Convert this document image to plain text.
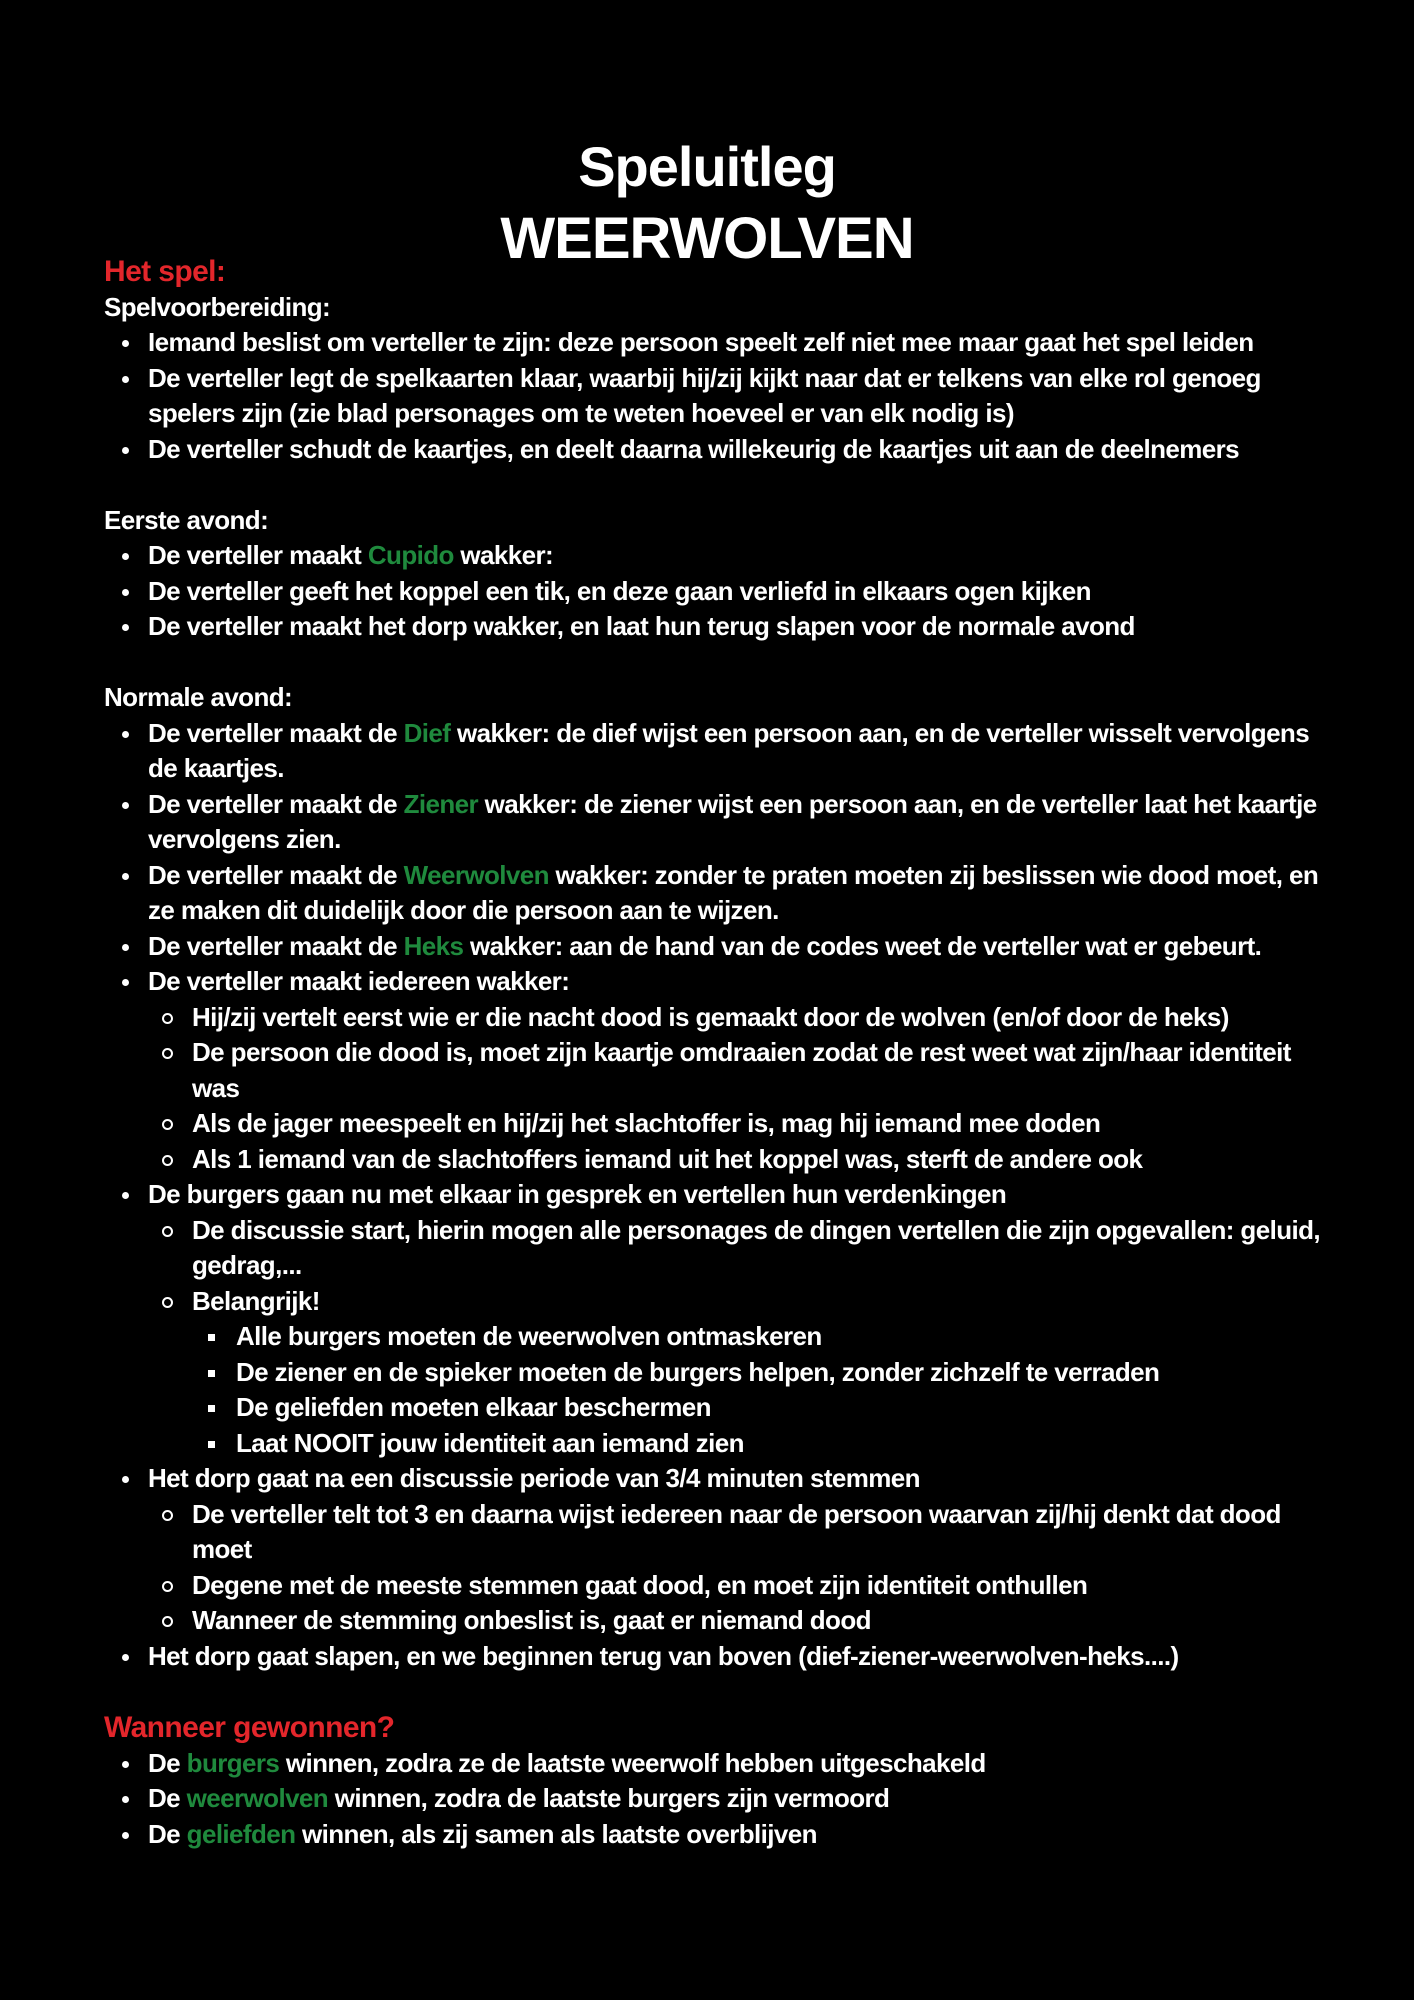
Speluitleg
WEERWOLVEN

Het spel:

Spelvoorbereiding:

Iemand beslist om verteller te zijn: deze persoon speelt zelf niet mee maar gaat het spel leiden
De verteller legt de spelkaarten klaar, waarbij hij/zij kijkt naar dat er telkens van elke rol genoeg spelers zijn (zie blad personages om te weten hoeveel er van elk nodig is)
De verteller schudt de kaartjes, en deelt daarna willekeurig de kaartjes uit aan de deelnemers

Eerste avond:

De verteller maakt Cupido wakker:
De verteller geeft het koppel een tik, en deze gaan verliefd in elkaars ogen kijken
De verteller maakt het dorp wakker, en laat hun terug slapen voor de normale avond

Normale avond:

De verteller maakt de Dief wakker: de dief wijst een persoon aan, en de verteller wisselt vervolgens de kaartjes.
De verteller maakt de Ziener wakker: de ziener wijst een persoon aan, en de verteller laat het kaartje vervolgens zien.
De verteller maakt de Weerwolven wakker: zonder te praten moeten zij beslissen wie dood moet, en ze maken dit duidelijk door die persoon aan te wijzen.
De verteller maakt de Heks wakker: aan de hand van de codes weet de verteller wat er gebeurt.
De verteller maakt iedereen wakker:
Hij/zij vertelt eerst wie er die nacht dood is gemaakt door de wolven (en/of door de heks)
De persoon die dood is, moet zijn kaartje omdraaien zodat de rest weet wat zijn/haar identiteit was
Als de jager meespeelt en hij/zij het slachtoffer is, mag hij iemand mee doden
Als 1 iemand van de slachtoffers iemand uit het koppel was, sterft de andere ook
De burgers gaan nu met elkaar in gesprek en vertellen hun verdenkingen
De discussie start, hierin mogen alle personages de dingen vertellen die zijn opgevallen: geluid, gedrag,...
Belangrijk!
Alle burgers moeten de weerwolven ontmaskeren
De ziener en de spieker moeten de burgers helpen, zonder zichzelf te verraden
De geliefden moeten elkaar beschermen
Laat NOOIT jouw identiteit aan iemand zien
Het dorp gaat na een discussie periode van 3/4 minuten stemmen
De verteller telt tot 3 en daarna wijst iedereen naar de persoon waarvan zij/hij denkt dat dood moet
Degene met de meeste stemmen gaat dood, en moet zijn identiteit onthullen
Wanneer de stemming onbeslist is, gaat er niemand dood
Het dorp gaat slapen, en we beginnen terug van boven (dief-ziener-weerwolven-heks....)

Wanneer gewonnen?

De burgers winnen, zodra ze de laatste weerwolf hebben uitgeschakeld
De weerwolven winnen, zodra de laatste burgers zijn vermoord
De geliefden winnen, als zij samen als laatste overblijven
